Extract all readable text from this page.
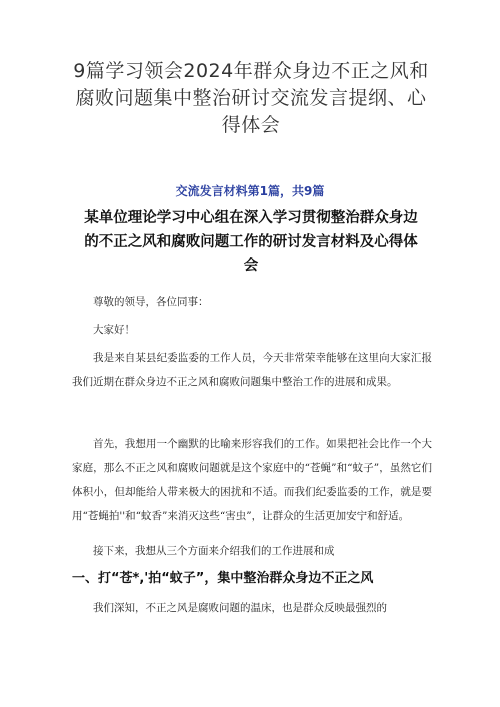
9篇学习领会2024年群众身边不正之风和腐败问题集中整治研讨交流发言提纲、心得体会
交流发言材料第1篇，共9篇
某单位理论学习中心组在深入学习贯彻整治群众身边的不正之风和腐败问题工作的研讨发言材料及心得体会

尊敬的领导，各位同事：

大家好！

我是来自某县纪委监委的工作人员，今天非常荣幸能够在这里向大家汇报我们近期在群众身边不正之风和腐败问题集中整治工作的进展和成果。

首先，我想用一个幽默的比喻来形容我们的工作。如果把社会比作一个大家庭，那么不正之风和腐败问题就是这个家庭中的“苍蝇”和“蚊子”，虽然它们体积小，但却能给人带来极大的困扰和不适。而我们纪委监委的工作，就是要用“苍蝇拍''和“蚊香”来消灭这些“害虫”，让群众的生活更加安宁和舒适。

接下来，我想从三个方面来介绍我们的工作进展和成

一、打“苍*,'拍“蚊子”，集中整治群众身边不正之风

我们深知，不正之风是腐败问题的温床，也是群众反映最强烈的
